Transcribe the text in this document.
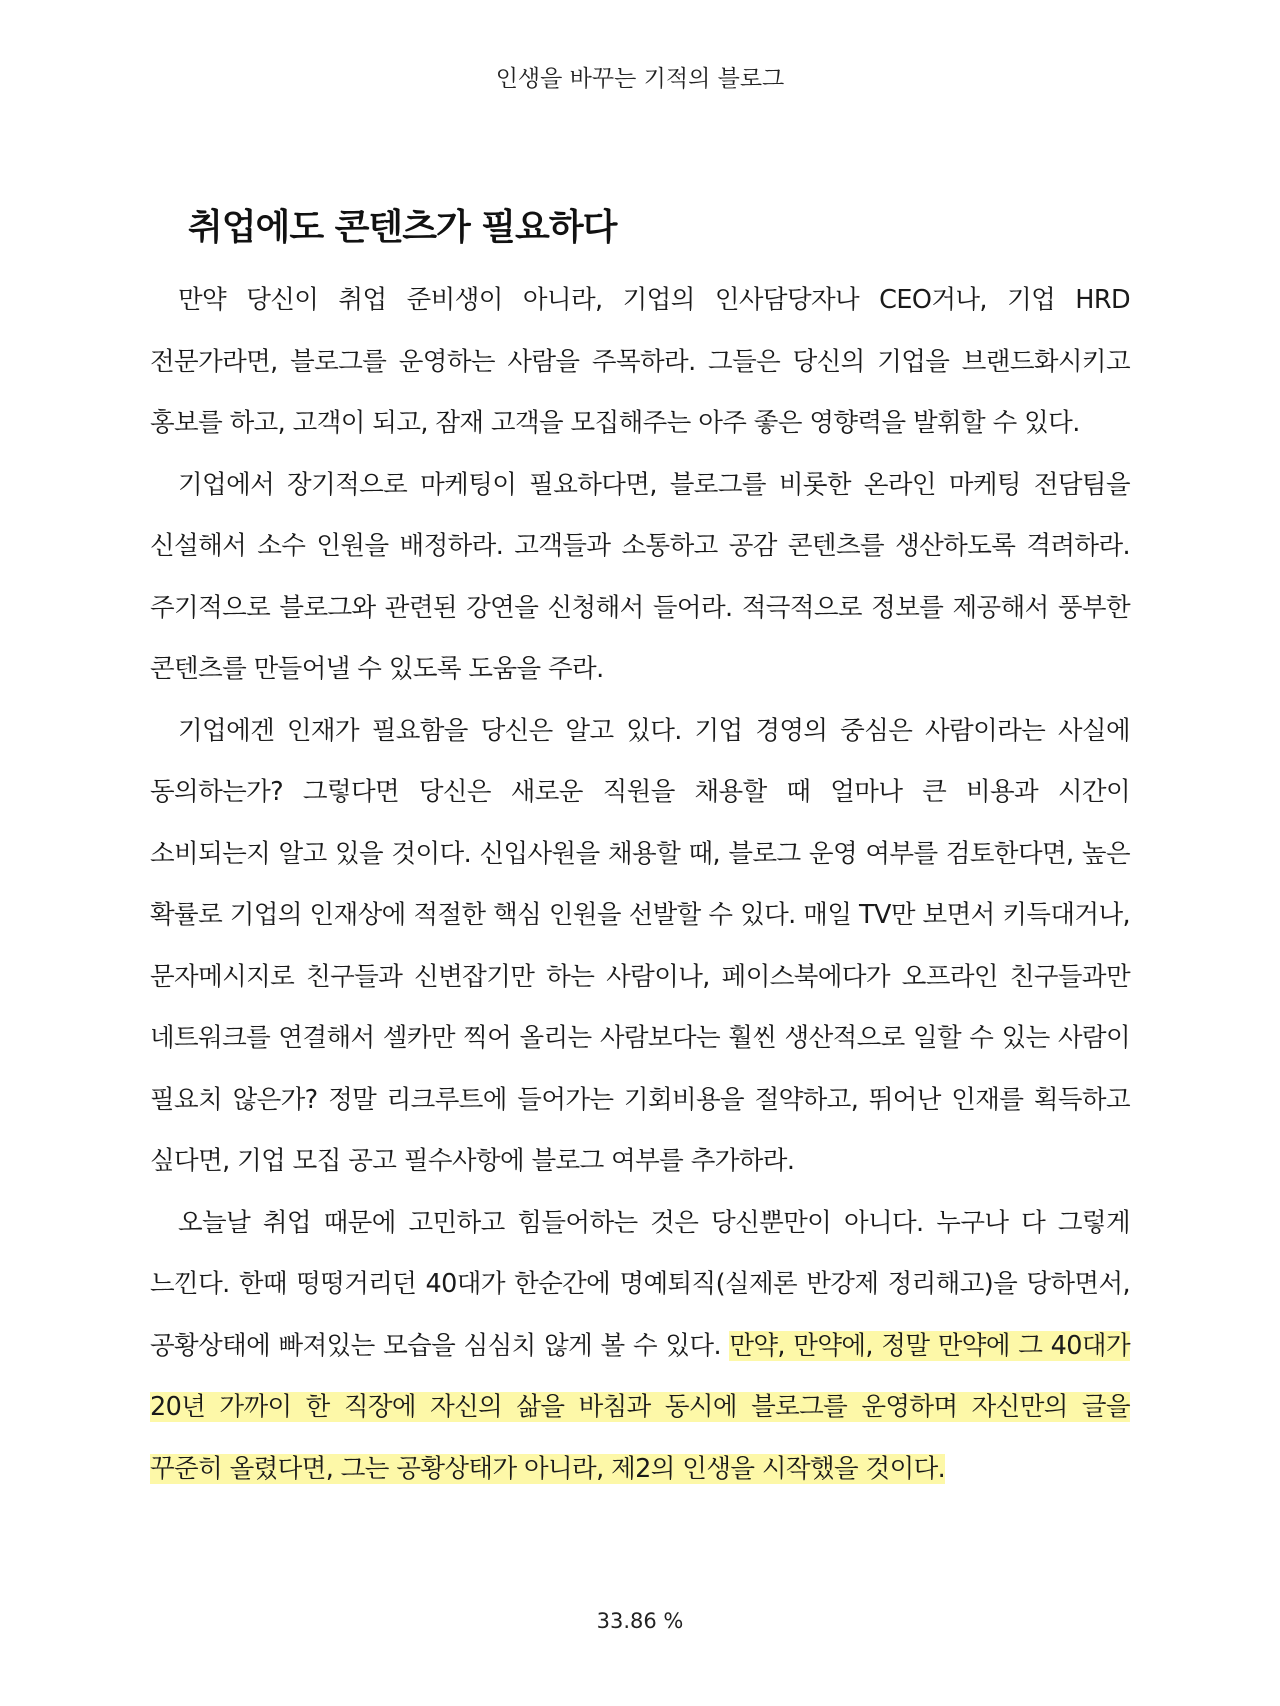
인생을 바꾸는 기적의 블로그
취업에도 콘텐츠가 필요하다

만약 당신이 취업 준비생이 아니라, 기업의 인사담당자나 CEO거나, 기업 HRD 전문가라면, 블로그를 운영하는 사람을 주목하라. 그들은 당신의 기업을 브랜드화시키고 홍보를 하고, 고객이 되고, 잠재 고객을 모집해주는 아주 좋은 영향력을 발휘할 수 있다.

기업에서 장기적으로 마케팅이 필요하다면, 블로그를 비롯한 온라인 마케팅 전담팀을 신설해서 소수 인원을 배정하라. 고객들과 소통하고 공감 콘텐츠를 생산하도록 격려하라. 주기적으로 블로그와 관련된 강연을 신청해서 들어라. 적극적으로 정보를 제공해서 풍부한 콘텐츠를 만들어낼 수 있도록 도움을 주라.

기업에겐 인재가 필요함을 당신은 알고 있다. 기업 경영의 중심은 사람이라는 사실에 동의하는가? 그렇다면 당신은 새로운 직원을 채용할 때 얼마나 큰 비용과 시간이 소비되는지 알고 있을 것이다. 신입사원을 채용할 때, 블로그 운영 여부를 검토한다면, 높은 확률로 기업의 인재상에 적절한 핵심 인원을 선발할 수 있다. 매일 TV만 보면서 키득대거나, 문자메시지로 친구들과 신변잡기만 하는 사람이나, 페이스북에다가 오프라인 친구들과만 네트워크를 연결해서 셀카만 찍어 올리는 사람보다는 훨씬 생산적으로 일할 수 있는 사람이 필요치 않은가? 정말 리크루트에 들어가는 기회비용을 절약하고, 뛰어난 인재를 획득하고 싶다면, 기업 모집 공고 필수사항에 블로그 여부를 추가하라.

오늘날 취업 때문에 고민하고 힘들어하는 것은 당신뿐만이 아니다. 누구나 다 그렇게 느낀다. 한때 떵떵거리던 40대가 한순간에 명예퇴직(실제론 반강제 정리해고)을 당하면서, 공황상태에 빠져있는 모습을 심심치 않게 볼 수 있다. 만약, 만약에, 정말 만약에 그 40대가 20년 가까이 한 직장에 자신의 삶을 바침과 동시에 블로그를 운영하며 자신만의 글을 꾸준히 올렸다면, 그는 공황상태가 아니라, 제2의 인생을 시작했을 것이다.

33.86 %
